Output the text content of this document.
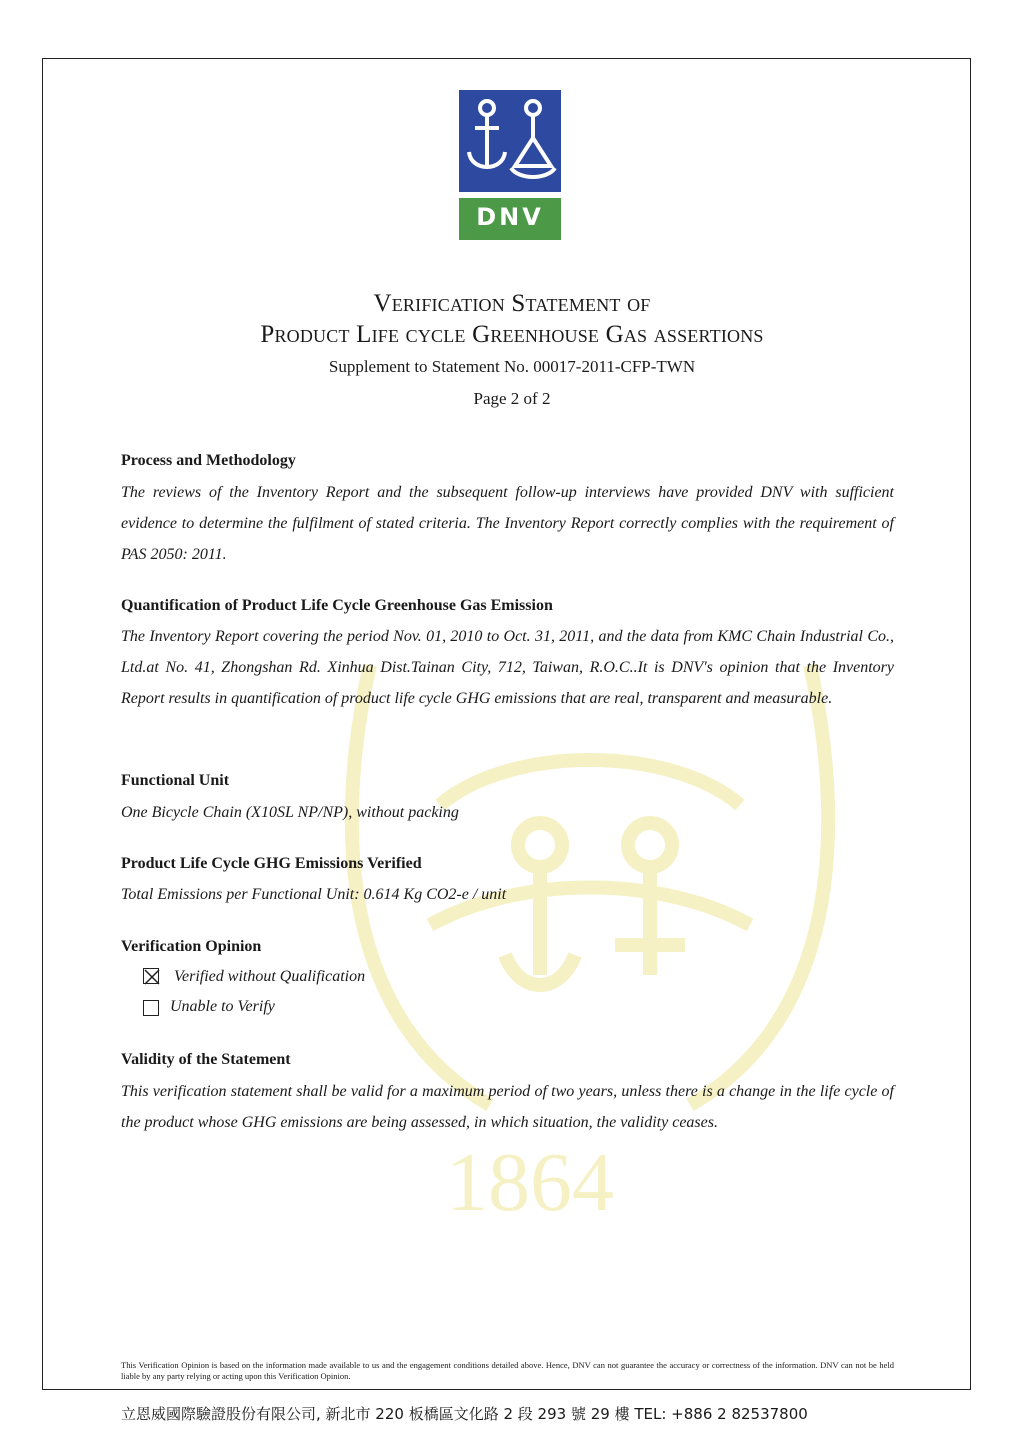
1864
DNV
Verification Statement of
Product Life cycle Greenhouse Gas assertions
Supplement to Statement No. 00017-2011-CFP-TWN
Page 2 of 2
Process and Methodology
The reviews of the Inventory Report and the subsequent follow-up interviews have provided DNV with sufficient evidence to determine the fulfilment of stated criteria. The Inventory Report correctly complies with the requirement of PAS 2050: 2011.
Quantification of Product Life Cycle Greenhouse Gas Emission
The Inventory Report covering the period Nov. 01, 2010 to Oct. 31, 2011, and the data from KMC Chain Industrial Co., Ltd.at No. 41, Zhongshan Rd. Xinhua Dist.Tainan City, 712, Taiwan, R.O.C..It is DNV's opinion that the Inventory Report results in quantification of product life cycle GHG emissions that are real, transparent and measurable.
Functional Unit
One Bicycle Chain (X10SL NP/NP), without packing
Product Life Cycle GHG Emissions Verified
Total Emissions per Functional Unit: 0.614 Kg CO2-e / unit
Verification Opinion
Verified without Qualification
Unable to Verify
Validity of the Statement
This verification statement shall be valid for a maximum period of two years, unless there is a change in the life cycle of the product whose GHG emissions are being assessed, in which situation, the validity ceases.
This Verification Opinion is based on the information made available to us and the engagement conditions detailed above. Hence, DNV can not guarantee the accuracy or correctness of the information. DNV can not be held liable by any party relying or acting upon this Verification Opinion.
立恩威國際驗證股份有限公司, 新北市 220 板橋區文化路 2 段 293 號 29 樓 TEL: +886 2 82537800
